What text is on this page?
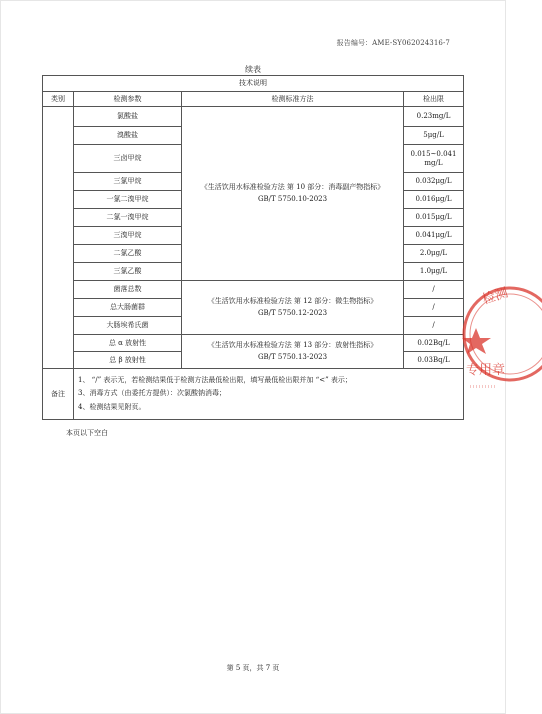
报告编号：AME-SY062024316-7
续表
技术说明			
类别	检测参数	检测标准方法	检出限
	氯酸盐	《生活饮用水标准检验方法 第 10 部分：消毒副产物指标》
GB/T 5750.10-2023	0.23mg/L
	溴酸盐		5μg/L
	三卤甲烷		0.015~0.041 mg/L
	三氯甲烷		0.032μg/L
	一氯二溴甲烷		0.016μg/L
	二氯一溴甲烷		0.015μg/L
	三溴甲烷		0.041μg/L
	二氯乙酸		2.0μg/L
	三氯乙酸		1.0μg/L
	菌落总数	《生活饮用水标准检验方法 第 12 部分：微生物指标》
GB/T 5750.12-2023	/
	总大肠菌群		/
	大肠埃希氏菌		/
	总 α 放射性	《生活饮用水标准检验方法 第 13 部分：放射性指标》
GB/T 5750.13-2023	0.02Bq/L
	总 β 放射性		0.03Bq/L
备注	1、 “/” 表示无，若检测结果低于检测方法最低检出限，填写最低检出限并加 “<” 表示；
3、消毒方式（由委托方提供）：次氯酸钠消毒；
4、检测结果见附页。		
本页以下空白
检测
专用章
ı ı ı ı ı ı ı ı ı
第 5 页，共 7 页
